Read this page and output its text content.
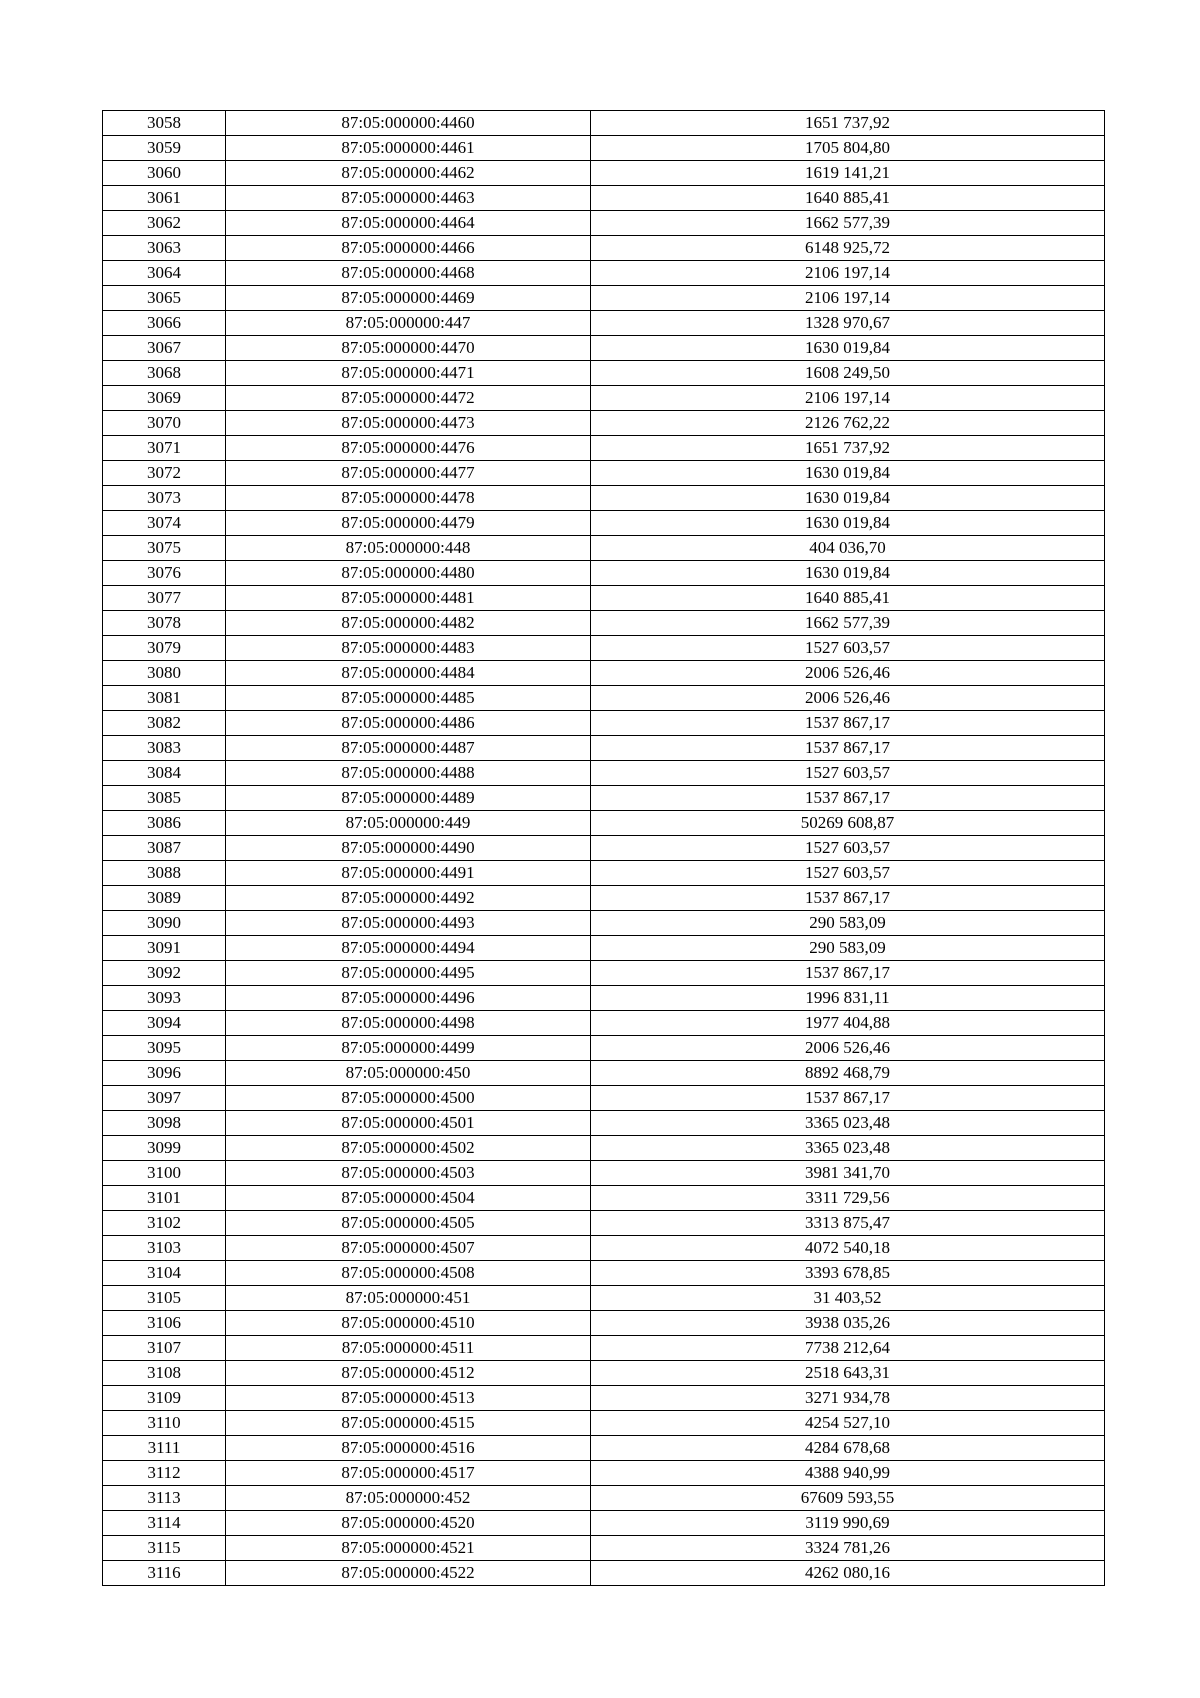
3058	87:05:000000:4460	1651 737,92
3059	87:05:000000:4461	1705 804,80
3060	87:05:000000:4462	1619 141,21
3061	87:05:000000:4463	1640 885,41
3062	87:05:000000:4464	1662 577,39
3063	87:05:000000:4466	6148 925,72
3064	87:05:000000:4468	2106 197,14
3065	87:05:000000:4469	2106 197,14
3066	87:05:000000:447	1328 970,67
3067	87:05:000000:4470	1630 019,84
3068	87:05:000000:4471	1608 249,50
3069	87:05:000000:4472	2106 197,14
3070	87:05:000000:4473	2126 762,22
3071	87:05:000000:4476	1651 737,92
3072	87:05:000000:4477	1630 019,84
3073	87:05:000000:4478	1630 019,84
3074	87:05:000000:4479	1630 019,84
3075	87:05:000000:448	404 036,70
3076	87:05:000000:4480	1630 019,84
3077	87:05:000000:4481	1640 885,41
3078	87:05:000000:4482	1662 577,39
3079	87:05:000000:4483	1527 603,57
3080	87:05:000000:4484	2006 526,46
3081	87:05:000000:4485	2006 526,46
3082	87:05:000000:4486	1537 867,17
3083	87:05:000000:4487	1537 867,17
3084	87:05:000000:4488	1527 603,57
3085	87:05:000000:4489	1537 867,17
3086	87:05:000000:449	50269 608,87
3087	87:05:000000:4490	1527 603,57
3088	87:05:000000:4491	1527 603,57
3089	87:05:000000:4492	1537 867,17
3090	87:05:000000:4493	290 583,09
3091	87:05:000000:4494	290 583,09
3092	87:05:000000:4495	1537 867,17
3093	87:05:000000:4496	1996 831,11
3094	87:05:000000:4498	1977 404,88
3095	87:05:000000:4499	2006 526,46
3096	87:05:000000:450	8892 468,79
3097	87:05:000000:4500	1537 867,17
3098	87:05:000000:4501	3365 023,48
3099	87:05:000000:4502	3365 023,48
3100	87:05:000000:4503	3981 341,70
3101	87:05:000000:4504	3311 729,56
3102	87:05:000000:4505	3313 875,47
3103	87:05:000000:4507	4072 540,18
3104	87:05:000000:4508	3393 678,85
3105	87:05:000000:451	31 403,52
3106	87:05:000000:4510	3938 035,26
3107	87:05:000000:4511	7738 212,64
3108	87:05:000000:4512	2518 643,31
3109	87:05:000000:4513	3271 934,78
3110	87:05:000000:4515	4254 527,10
3111	87:05:000000:4516	4284 678,68
3112	87:05:000000:4517	4388 940,99
3113	87:05:000000:452	67609 593,55
3114	87:05:000000:4520	3119 990,69
3115	87:05:000000:4521	3324 781,26
3116	87:05:000000:4522	4262 080,16
